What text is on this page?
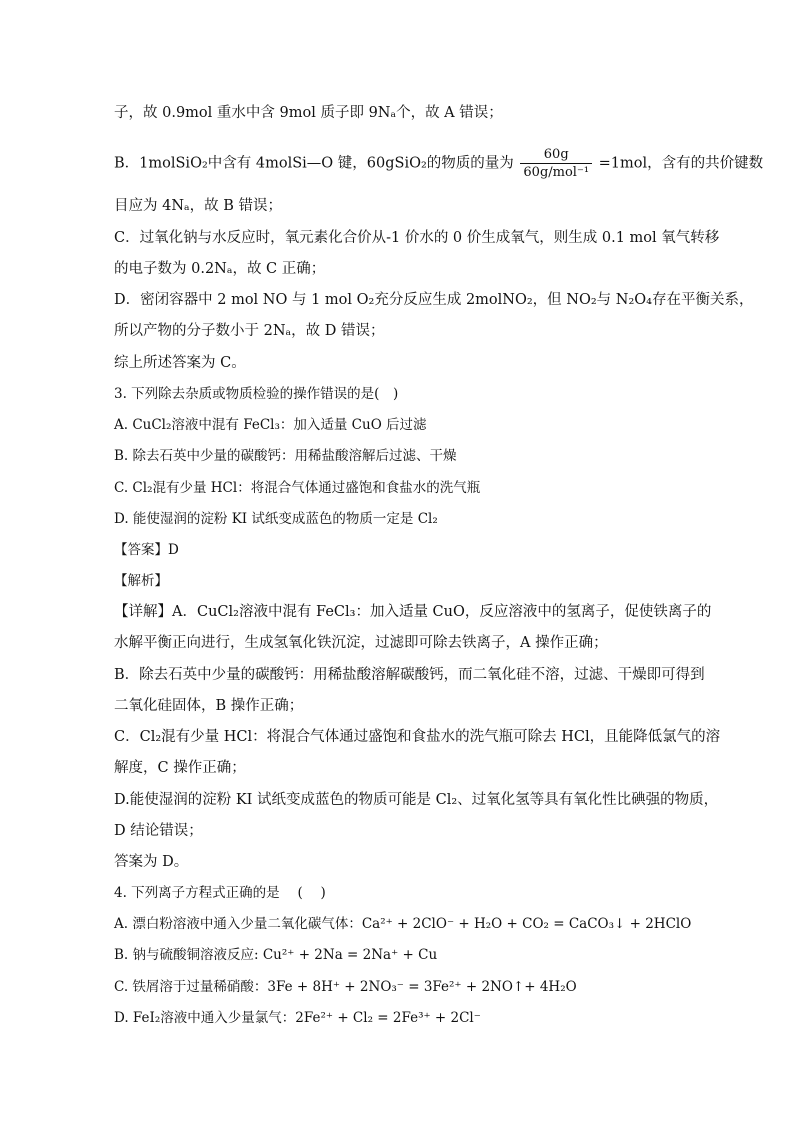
子，故 0.9mol 重水中含 9mol 质子即 9Nₐ个，故 A 错误；
B．1molSiO₂中含有 4molSi—O 键，60gSiO₂的物质的量为 $\frac{60g}{\text{60g/mol⁻¹}} =1mol$，含有的共价键数
目应为 4Nₐ，故 B 错误；
C．过氧化钠与水反应时，氧元素化合价从-1 价水的 0 价生成氧气，则生成 0.1 mol 氧气转移
的电子数为 0.2Nₐ，故 C 正确；
D．密闭容器中 2 mol NO 与 1 mol O₂充分反应生成 2molNO₂，但 NO₂与 N₂O₄存在平衡关系，
所以产物的分子数小于 2Nₐ，故 D 错误；
综上所述答案为 C。
3. 下列除去杂质或物质检验的操作错误的是(　)
A. CuCl₂溶液中混有 FeCl₃：加入适量 CuO 后过滤
B. 除去石英中少量的碳酸钙：用稀盐酸溶解后过滤、干燥
C. Cl₂混有少量 HCl：将混合气体通过盛饱和食盐水的洗气瓶
D. 能使湿润的淀粉 KI 试纸变成蓝色的物质一定是 Cl₂
【答案】D
【解析】
【详解】A．CuCl₂溶液中混有 FeCl₃：加入适量 CuO，反应溶液中的氢离子，促使铁离子的
水解平衡正向进行，生成氢氧化铁沉淀，过滤即可除去铁离子，A 操作正确；
B．除去石英中少量的碳酸钙：用稀盐酸溶解碳酸钙，而二氧化硅不溶，过滤、干燥即可得到
二氧化硅固体，B 操作正确；
C．Cl₂混有少量 HCl：将混合气体通过盛饱和食盐水的洗气瓶可除去 HCl，且能降低氯气的溶
解度，C 操作正确；
D.能使湿润的淀粉 KI 试纸变成蓝色的物质可能是 Cl₂、过氧化氢等具有氧化性比碘强的物质，
D 结论错误；
答案为 D。
4. 下列离子方程式正确的是　 (　 )
A. 漂白粉溶液中通入少量二氧化碳气体：Ca²⁺ + 2ClO⁻ + H₂O + CO₂ = CaCO₃↓ + 2HClO
B. 钠与硫酸铜溶液反应: Cu²⁺ + 2Na = 2Na⁺ + Cu
C. 铁屑溶于过量稀硝酸：3Fe + 8H⁺ + 2NO₃⁻ = 3Fe²⁺ + 2NO↑+ 4H₂O
D. FeI₂溶液中通入少量氯气：2Fe²⁺ + Cl₂ = 2Fe³⁺ + 2Cl⁻
